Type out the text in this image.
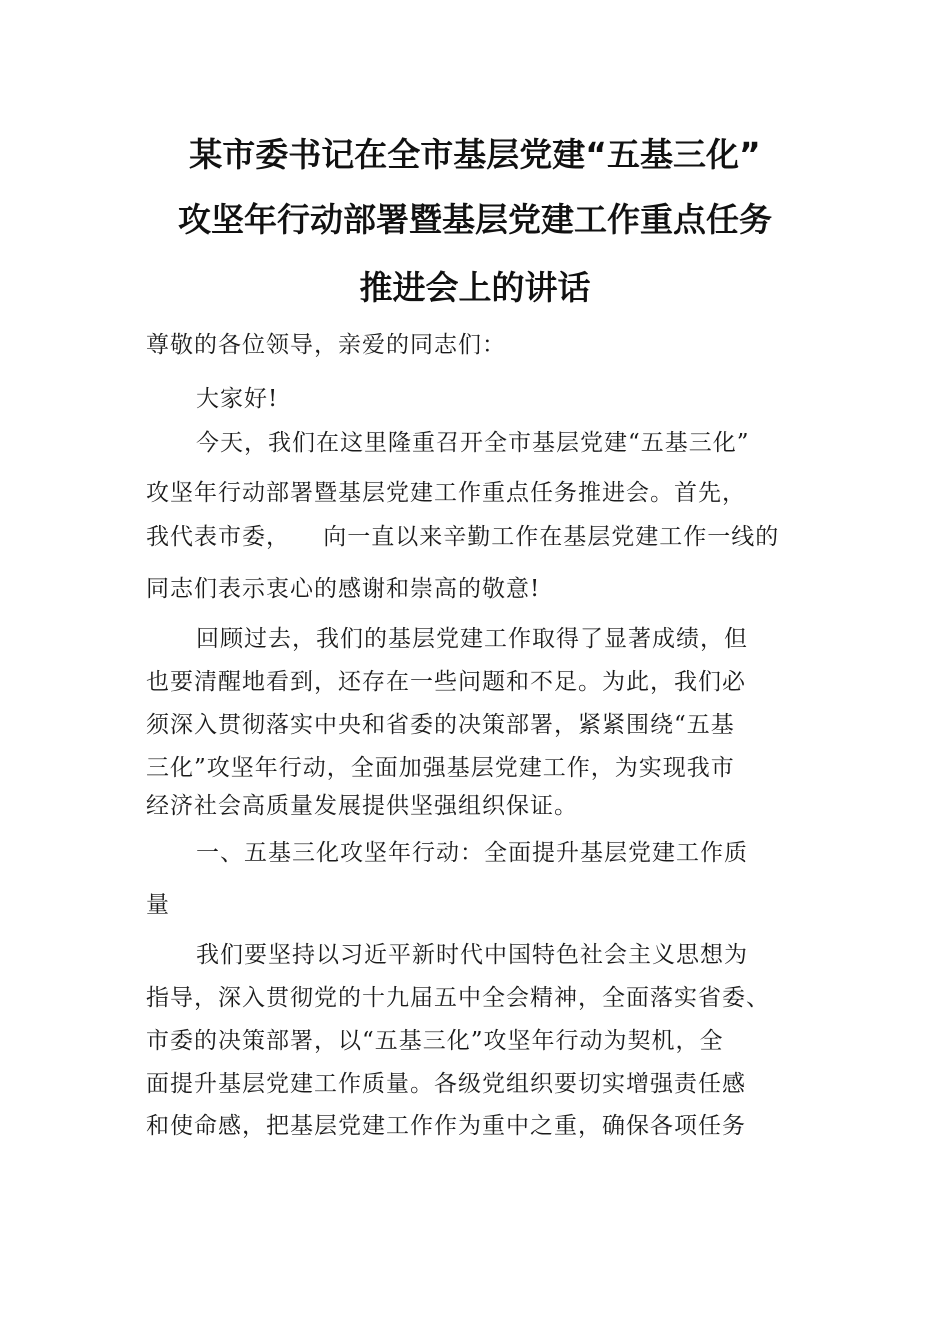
某市委书记在全市基层党建“五基三化”
攻坚年行动部署暨基层党建工作重点任务
推进会上的讲话
尊敬的各位领导，亲爱的同志们：
大家好!
今天，我们在这里隆重召开全市基层党建“五基三化”
攻坚年行动部署暨基层党建工作重点任务推进会。首先，
我代表市委，    向一直以来辛勤工作在基层党建工作一线的
同志们表示衷心的感谢和崇高的敬意!
回顾过去，我们的基层党建工作取得了显著成绩，但
也要清醒地看到，还存在一些问题和不足。为此，我们必
须深入贯彻落实中央和省委的决策部署，紧紧围绕“五基
三化”攻坚年行动，全面加强基层党建工作，为实现我市
经济社会高质量发展提供坚强组织保证。
一、五基三化攻坚年行动：全面提升基层党建工作质
量
我们要坚持以习近平新时代中国特色社会主义思想为
指导，深入贯彻党的十九届五中全会精神，全面落实省委、
市委的决策部署，以“五基三化”攻坚年行动为契机，全
面提升基层党建工作质量。各级党组织要切实增强责任感
和使命感，把基层党建工作作为重中之重，确保各项任务
